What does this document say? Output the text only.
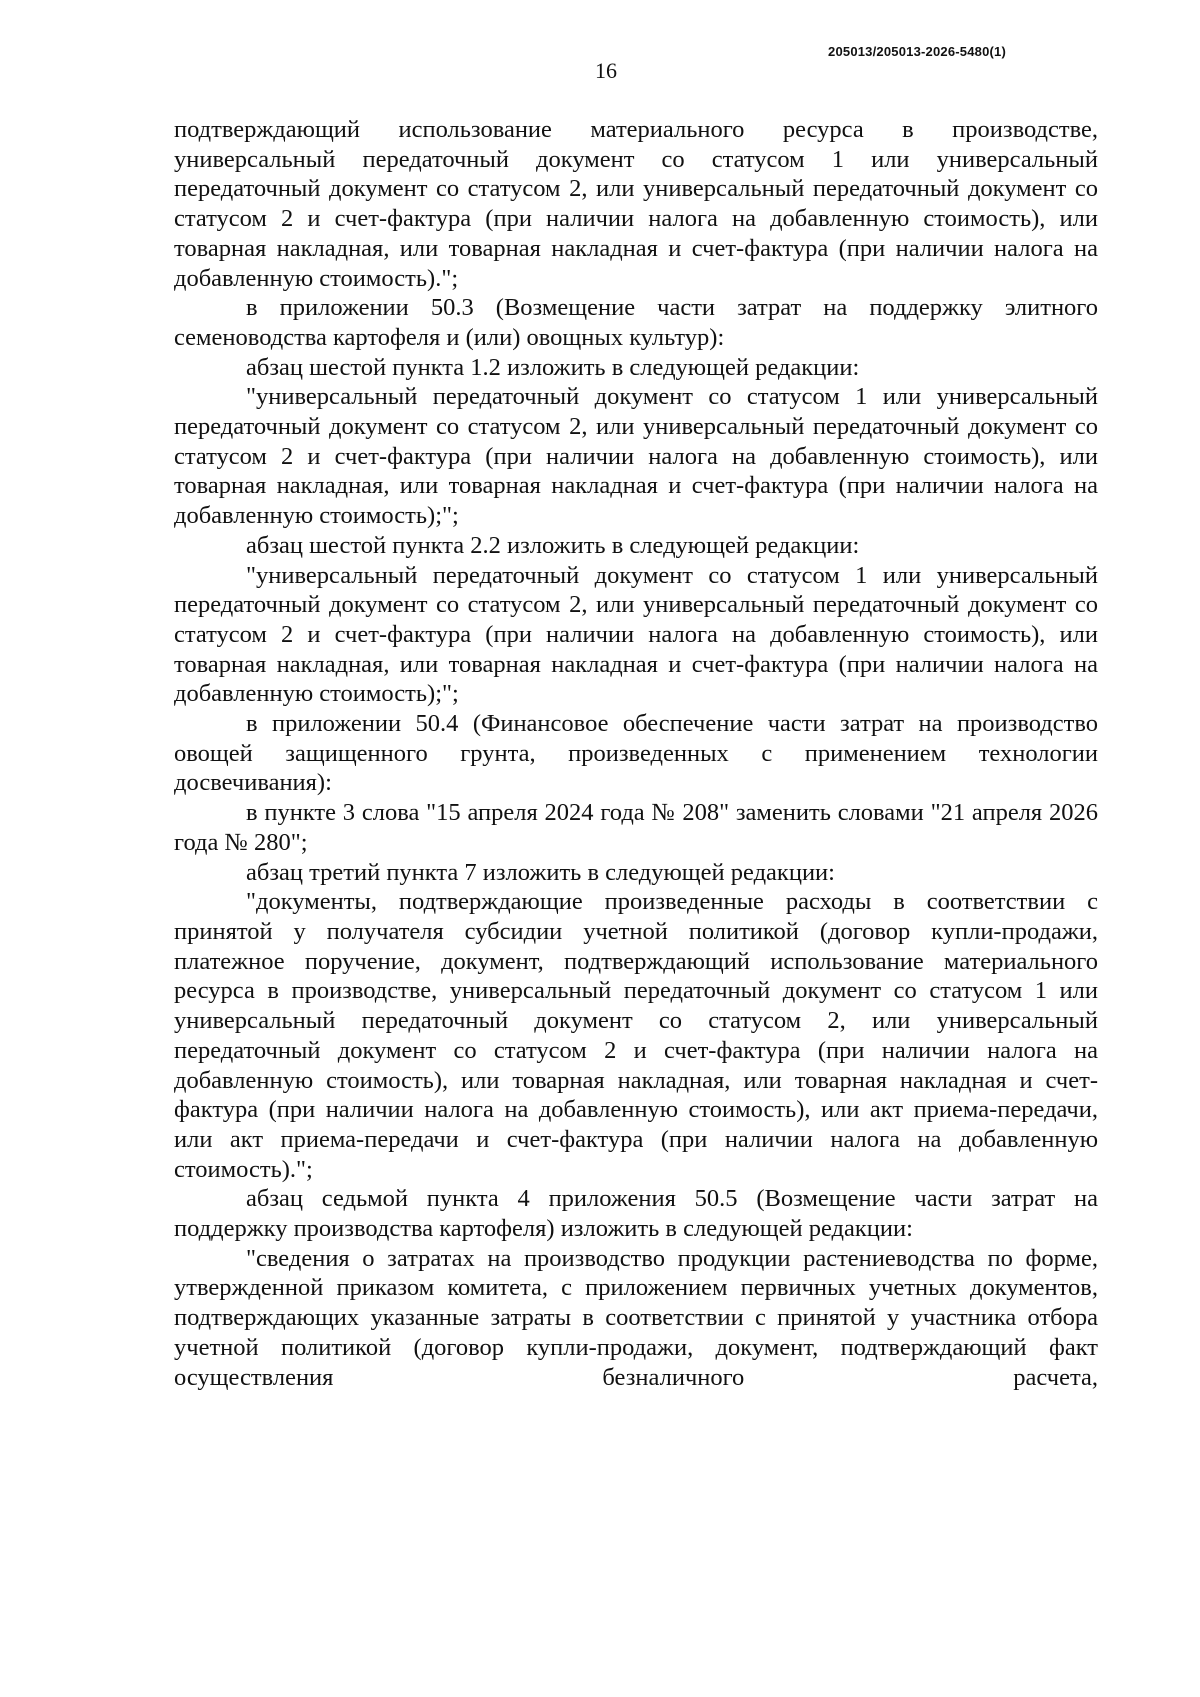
205013/205013-2026-5480(1)
16

подтверждающий использование материального ресурса в производстве, универсальный передаточный документ со статусом 1 или универсальный передаточный документ со статусом 2, или универсальный передаточный документ со статусом 2 и счет-фактура (при наличии налога на добавленную стоимость), или товарная накладная, или товарная накладная и счет-фактура (при наличии налога на добавленную стоимость).";

в приложении 50.3 (Возмещение части затрат на поддержку элитного семеноводства картофеля и (или) овощных культур):

абзац шестой пункта 1.2 изложить в следующей редакции:

"универсальный передаточный документ со статусом 1 или универсальный передаточный документ со статусом 2, или универсальный передаточный документ со статусом 2 и счет-фактура (при наличии налога на добавленную стоимость), или товарная накладная, или товарная накладная и счет-фактура (при наличии налога на добавленную стоимость);";

абзац шестой пункта 2.2 изложить в следующей редакции:

"универсальный передаточный документ со статусом 1 или универсальный передаточный документ со статусом 2, или универсальный передаточный документ со статусом 2 и счет-фактура (при наличии налога на добавленную стоимость), или товарная накладная, или товарная накладная и счет-фактура (при наличии налога на добавленную стоимость);";

в приложении 50.4 (Финансовое обеспечение части затрат на производство овощей защищенного грунта, произведенных с применением технологии досвечивания):

в пункте 3 слова "15 апреля 2024 года № 208" заменить словами "21 апреля 2026 года № 280";

абзац третий пункта 7 изложить в следующей редакции:

"документы, подтверждающие произведенные расходы в соответствии с принятой у получателя субсидии учетной политикой (договор купли-продажи, платежное поручение, документ, подтверждающий использование материального ресурса в производстве, универсальный передаточный документ со статусом 1 или универсальный передаточный документ со статусом 2, или универсальный передаточный документ со статусом 2 и счет-фактура (при наличии налога на добавленную стоимость), или товарная накладная, или товарная накладная и счет-фактура (при наличии налога на добавленную стоимость), или акт приема-передачи, или акт приема-передачи и счет-фактура (при наличии налога на добавленную стоимость).";

абзац седьмой пункта 4 приложения 50.5 (Возмещение части затрат на поддержку производства картофеля) изложить в следующей редакции:

"сведения о затратах на производство продукции растениеводства по форме, утвержденной приказом комитета, с приложением первичных учетных документов, подтверждающих указанные затраты в соответствии с принятой у участника отбора учетной политикой (договор купли-продажи, документ, подтверждающий факт осуществления безналичного расчета,
